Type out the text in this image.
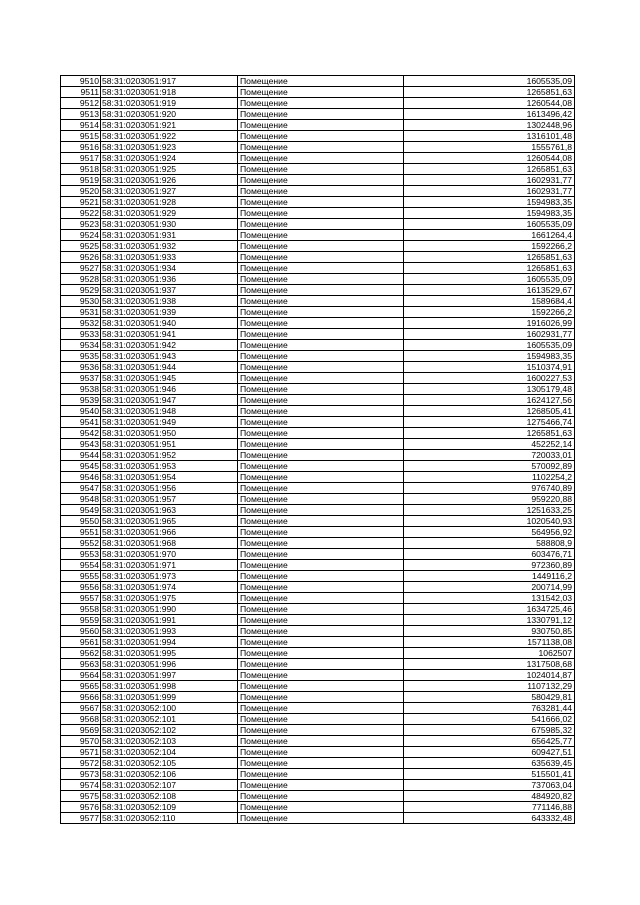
9510	58:31:0203051:917	Помещение	1605535,09
9511	58:31:0203051:918	Помещение	1265851,63
9512	58:31:0203051:919	Помещение	1260544,08
9513	58:31:0203051:920	Помещение	1613496,42
9514	58:31:0203051:921	Помещение	1302448,96
9515	58:31:0203051:922	Помещение	1316101,48
9516	58:31:0203051:923	Помещение	1555761,8
9517	58:31:0203051:924	Помещение	1260544,08
9518	58:31:0203051:925	Помещение	1265851,63
9519	58:31:0203051:926	Помещение	1602931,77
9520	58:31:0203051:927	Помещение	1602931,77
9521	58:31:0203051:928	Помещение	1594983,35
9522	58:31:0203051:929	Помещение	1594983,35
9523	58:31:0203051:930	Помещение	1605535,09
9524	58:31:0203051:931	Помещение	1661264,4
9525	58:31:0203051:932	Помещение	1592266,2
9526	58:31:0203051:933	Помещение	1265851,63
9527	58:31:0203051:934	Помещение	1265851,63
9528	58:31:0203051:936	Помещение	1605535,09
9529	58:31:0203051:937	Помещение	1613529,67
9530	58:31:0203051:938	Помещение	1589684,4
9531	58:31:0203051:939	Помещение	1592266,2
9532	58:31:0203051:940	Помещение	1916026,99
9533	58:31:0203051:941	Помещение	1602931,77
9534	58:31:0203051:942	Помещение	1605535,09
9535	58:31:0203051:943	Помещение	1594983,35
9536	58:31:0203051:944	Помещение	1510374,91
9537	58:31:0203051:945	Помещение	1600227,53
9538	58:31:0203051:946	Помещение	1305179,48
9539	58:31:0203051:947	Помещение	1624127,56
9540	58:31:0203051:948	Помещение	1268505,41
9541	58:31:0203051:949	Помещение	1275466,74
9542	58:31:0203051:950	Помещение	1265851,63
9543	58:31:0203051:951	Помещение	452252,14
9544	58:31:0203051:952	Помещение	720033,01
9545	58:31:0203051:953	Помещение	570092,89
9546	58:31:0203051:954	Помещение	1102254,2
9547	58:31:0203051:956	Помещение	976740,89
9548	58:31:0203051:957	Помещение	959220,88
9549	58:31:0203051:963	Помещение	1251633,25
9550	58:31:0203051:965	Помещение	1020540,93
9551	58:31:0203051:966	Помещение	564956,92
9552	58:31:0203051:968	Помещение	588808,9
9553	58:31:0203051:970	Помещение	603476,71
9554	58:31:0203051:971	Помещение	972360,89
9555	58:31:0203051:973	Помещение	1449116,2
9556	58:31:0203051:974	Помещение	200714,99
9557	58:31:0203051:975	Помещение	131542,03
9558	58:31:0203051:990	Помещение	1634725,46
9559	58:31:0203051:991	Помещение	1330791,12
9560	58:31:0203051:993	Помещение	930750,85
9561	58:31:0203051:994	Помещение	1571138,08
9562	58:31:0203051:995	Помещение	1062507
9563	58:31:0203051:996	Помещение	1317508,68
9564	58:31:0203051:997	Помещение	1024014,87
9565	58:31:0203051:998	Помещение	1107132,29
9566	58:31:0203051:999	Помещение	580429,81
9567	58:31:0203052:100	Помещение	763281,44
9568	58:31:0203052:101	Помещение	541666,02
9569	58:31:0203052:102	Помещение	675985,32
9570	58:31:0203052:103	Помещение	656425,77
9571	58:31:0203052:104	Помещение	609427,51
9572	58:31:0203052:105	Помещение	635639,45
9573	58:31:0203052:106	Помещение	515501,41
9574	58:31:0203052:107	Помещение	737063,04
9575	58:31:0203052:108	Помещение	484920,82
9576	58:31:0203052:109	Помещение	771146,88
9577	58:31:0203052:110	Помещение	643332,48
